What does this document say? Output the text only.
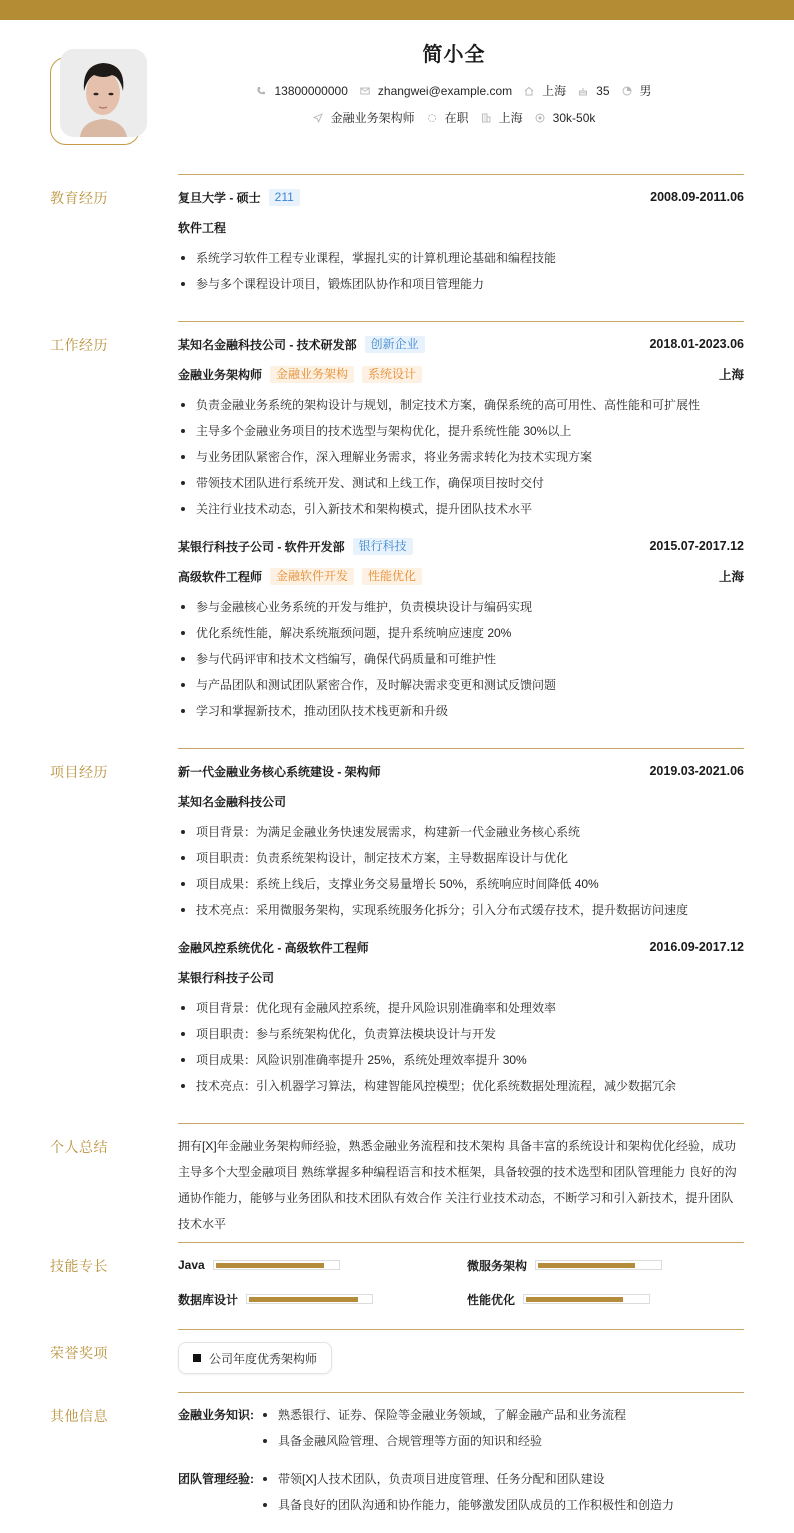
简小全
13800000000	zhangwei@example.com	上海	35	男
金融业务架构师	在职	上海	30k-50k
教育经历	复旦大学 - 硕士	211	2008.09-2011.06
软件工程
系统学习软件工程专业课程，掌握扎实的计算机理论基础和编程技能
参与多个课程设计项目，锻炼团队协作和项目管理能力
工作经历	某知名金融科技公司 - 技术研发部	创新企业	2018.01-2023.06
金融业务架构师	金融业务架构	系统设计	上海
负责金融业务系统的架构设计与规划，制定技术方案，确保系统的高可用性、高性能和可扩展性
主导多个金融业务项目的技术选型与架构优化，提升系统性能 30%以上
与业务团队紧密合作，深入理解业务需求，将业务需求转化为技术实现方案
带领技术团队进行系统开发、测试和上线工作，确保项目按时交付
关注行业技术动态，引入新技术和架构模式，提升团队技术水平
某银行科技子公司 - 软件开发部	银行科技	2015.07-2017.12
高级软件工程师	金融软件开发	性能优化	上海
参与金融核心业务系统的开发与维护，负责模块设计与编码实现
优化系统性能，解决系统瓶颈问题，提升系统响应速度 20%
参与代码评审和技术文档编写，确保代码质量和可维护性
与产品团队和测试团队紧密合作，及时解决需求变更和测试反馈问题
学习和掌握新技术，推动团队技术栈更新和升级
项目经历	新一代金融业务核心系统建设 - 架构师	2019.03-2021.06
某知名金融科技公司
项目背景：为满足金融业务快速发展需求，构建新一代金融业务核心系统
项目职责：负责系统架构设计，制定技术方案，主导数据库设计与优化
项目成果：系统上线后，支撑业务交易量增长 50%，系统响应时间降低 40%
技术亮点：采用微服务架构，实现系统服务化拆分；引入分布式缓存技术，提升数据访问速度
金融风控系统优化 - 高级软件工程师	2016.09-2017.12
某银行科技子公司
项目背景：优化现有金融风控系统，提升风险识别准确率和处理效率
项目职责：参与系统架构优化，负责算法模块设计与开发
项目成果：风险识别准确率提升 25%，系统处理效率提升 30%
技术亮点：引入机器学习算法，构建智能风控模型；优化系统数据处理流程，减少数据冗余
个人总结	拥有[X]年金融业务架构师经验，熟悉金融业务流程和技术架构 具备丰富的系统设计和架构优化经验，成功
主导多个大型金融项目 熟练掌握多种编程语言和技术框架，具备较强的技术选型和团队管理能力 良好的沟
通协作能力，能够与业务团队和技术团队有效合作 关注行业技术动态，不断学习和引入新技术，提升团队
技术水平
技能专长	Java	微服务架构
数据库设计	性能优化
荣誉奖项	公司年度优秀架构师
其他信息	金融业务知识:	熟悉银行、证券、保险等金融业务领域，了解金融产品和业务流程
具备金融风险管理、合规管理等方面的知识和经验
团队管理经验:	带领[X]人技术团队，负责项目进度管理、任务分配和团队建设
具备良好的团队沟通和协作能力，能够激发团队成员的工作积极性和创造力
